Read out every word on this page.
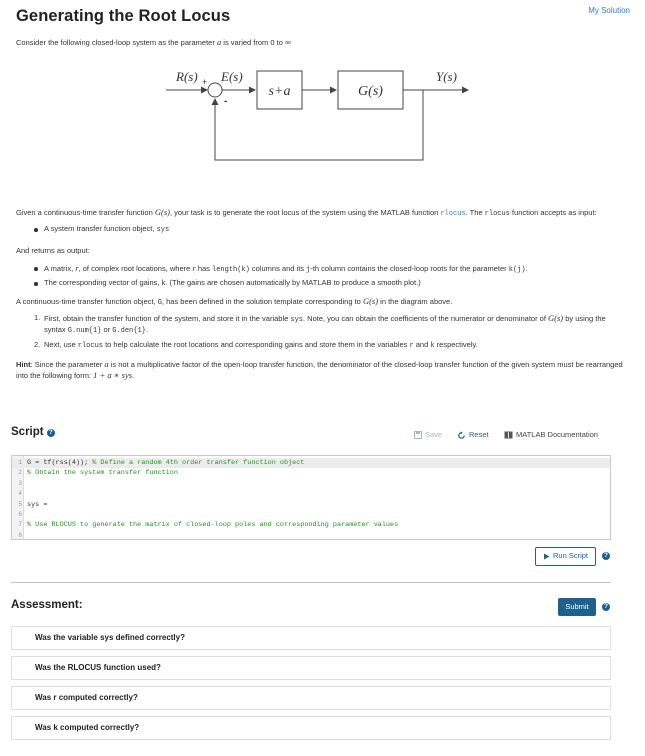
Generating the Root Locus	My Solution
Consider the following closed-loop system as the parameter a is varied from 0 to ∞
R(s) + E(s)
-
s+a	G(s)
Y(s)
Given a continuous-time transfer function G(s), your task is to generate the root locus of the system using the MATLAB function rlocus. The rlocus function accepts as input:
A system transfer function object, sys
And returns as output:
A matrix, r, of complex root locations, where r has length(k) columns and its j-th column contains the closed-loop roots for the parameter k(j).
The corresponding vector of gains, k. (The gains are chosen automatically by MATLAB to produce a smooth plot.)
A continuous-time transfer function object, G, has been defined in the solution template corresponding to G(s) in the diagram above.
1. First, obtain the transfer function of the system, and store it in the variable sys. Note, you can obtain the coefficients of the numerator or denominator of G(s) by using the syntax G.num{1} or G.den{1}.
2. Next, use rlocus to help calculate the root locations and corresponding gains and store them in the variables r and k respectively.
Hint: Since the parameter a is not a multiplicative factor of the open-loop transfer function, the denominator of the closed-loop transfer function of the given system must be rearranged into the following form: 1 + a ∗ sys.
Script ?	Save	Reset	MATLAB Documentation
1 G = tf(rss(4)); % Define a random 4th order transfer function object
2 % Obtain the system transfer function
3
4
5 sys =
6
7 % Use RLOCUS to generate the matrix of closed-loop poles and corresponding parameter values
8
Run Script	?
Assessment:	Submit	?
Was the variable sys defined correctly?
Was the RLOCUS function used?
Was r computed correctly?
Was k computed correctly?
